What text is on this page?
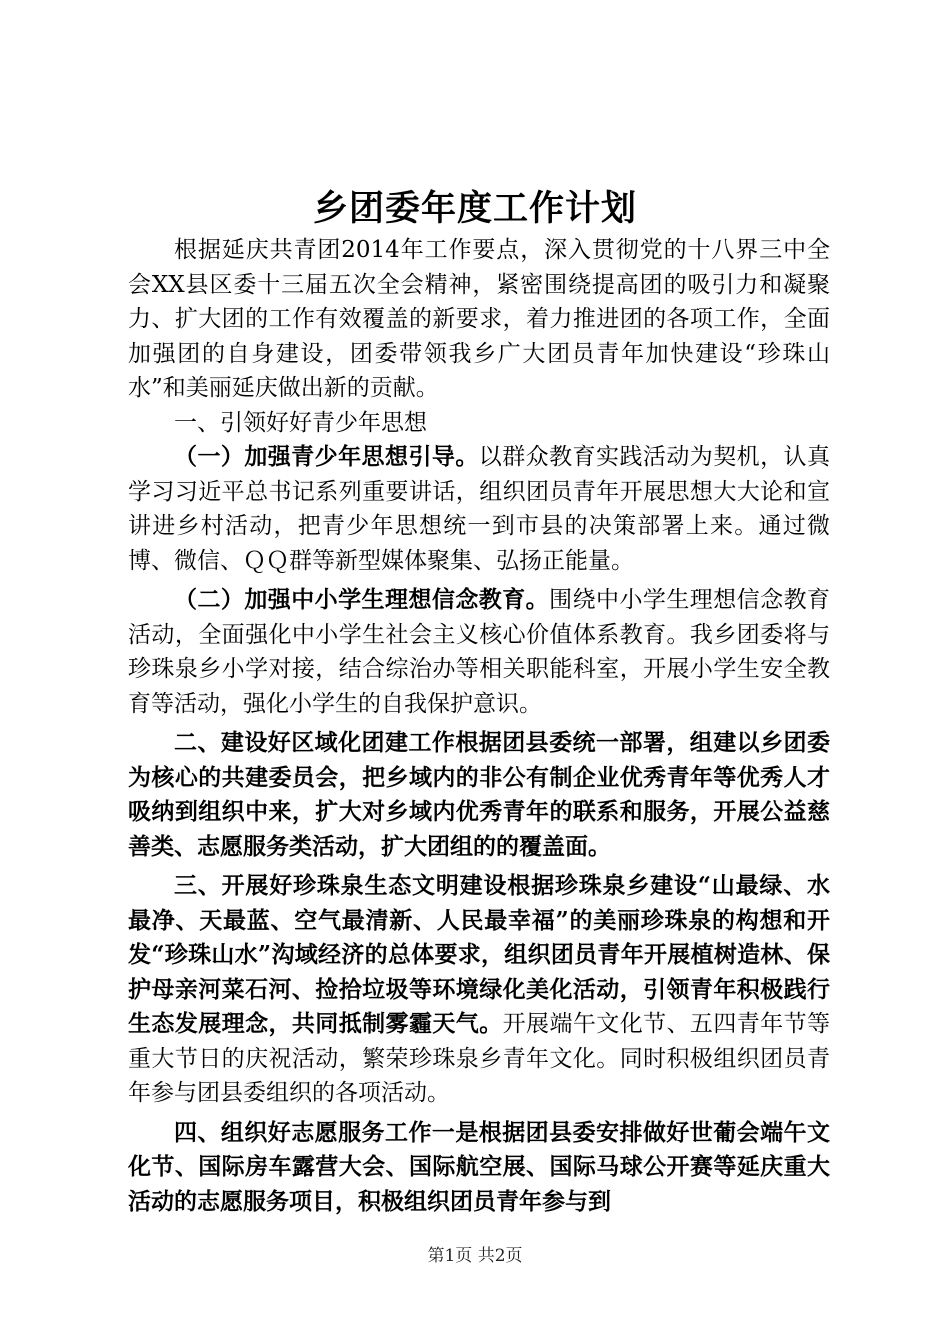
乡团委年度工作计划

根据延庆共青团2014年工作要点，深入贯彻党的十八界三中全会XX县区委十三届五次全会精神，紧密围绕提高团的吸引力和凝聚力、扩大团的工作有效覆盖的新要求，着力推进团的各项工作，全面加强团的自身建设，团委带领我乡广大团员青年加快建设“珍珠山水”和美丽延庆做出新的贡献。

一、引领好好青少年思想

（一）加强青少年思想引导。以群众教育实践活动为契机，认真学习习近平总书记系列重要讲话，组织团员青年开展思想大大论和宣讲进乡村活动，把青少年思想统一到市县的决策部署上来。通过微博、微信、ＱＱ群等新型媒体聚集、弘扬正能量。

（二）加强中小学生理想信念教育。围绕中小学生理想信念教育活动，全面强化中小学生社会主义核心价值体系教育。我乡团委将与珍珠泉乡小学对接，结合综治办等相关职能科室，开展小学生安全教育等活动，强化小学生的自我保护意识。

二、建设好区域化团建工作根据团县委统一部署，组建以乡团委为核心的共建委员会，把乡域内的非公有制企业优秀青年等优秀人才吸纳到组织中来，扩大对乡域内优秀青年的联系和服务，开展公益慈善类、志愿服务类活动，扩大团组的的覆盖面。

三、开展好珍珠泉生态文明建设根据珍珠泉乡建设“山最绿、水最净、天最蓝、空气最清新、人民最幸福”的美丽珍珠泉的构想和开发“珍珠山水”沟域经济的总体要求，组织团员青年开展植树造林、保护母亲河菜石河、捡拾垃圾等环境绿化美化活动，引领青年积极践行生态发展理念，共同抵制雾霾天气。开展端午文化节、五四青年节等重大节日的庆祝活动，繁荣珍珠泉乡青年文化。同时积极组织团员青年参与团县委组织的各项活动。

四、组织好志愿服务工作一是根据团县委安排做好世葡会端午文化节、国际房车露营大会、国际航空展、国际马球公开赛等延庆重大活动的志愿服务项目，积极组织团员青年参与到

第1页 共2页
